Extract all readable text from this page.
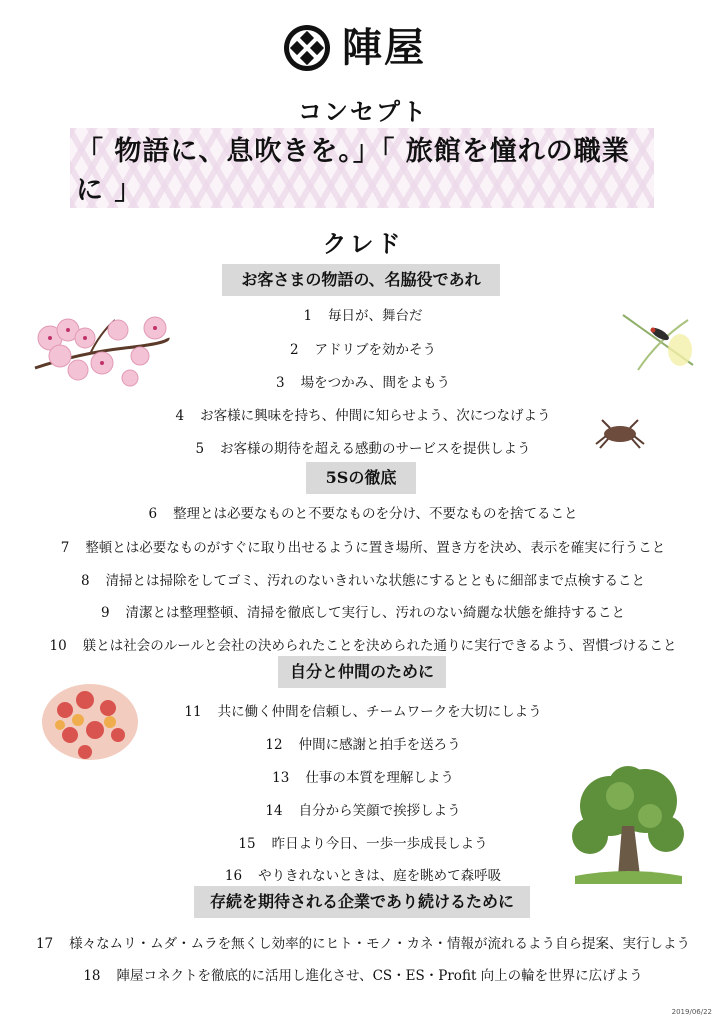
陣屋
コンセプト
「 物語に、息吹きを。」「 旅館を憧れの職業に 」
クレド
お客さまの物語の、名脇役であれ
1 毎日が、舞台だ
2 アドリブを効かそう
3 場をつかみ、間をよもう
4 お客様に興味を持ち、仲間に知らせよう、次につなげよう
5 お客様の期待を超える感動のサービスを提供しよう
5Sの徹底
6 整理とは必要なものと不要なものを分け、不要なものを捨てること
7 整頓とは必要なものがすぐに取り出せるように置き場所、置き方を決め、表示を確実に行うこと
8 清掃とは掃除をしてゴミ、汚れのないきれいな状態にするとともに細部まで点検すること
9 清潔とは整理整頓、清掃を徹底して実行し、汚れのない綺麗な状態を維持すること
10 躾とは社会のルールと会社の決められたことを決められた通りに実行できるよう、習慣づけること
自分と仲間のために
11 共に働く仲間を信頼し、チームワークを大切にしよう
12 仲間に感謝と拍手を送ろう
13 仕事の本質を理解しよう
14 自分から笑顔で挨拶しよう
15 昨日より今日、一歩一歩成長しよう
16 やりきれないときは、庭を眺めて森呼吸
存続を期待される企業であり続けるために
17 様々なムリ・ムダ・ムラを無くし効率的にヒト・モノ・カネ・情報が流れるよう自ら提案、実行しよう
18 陣屋コネクトを徹底的に活用し進化させ、CS・ES・Profit 向上の輪を世界に広げよう
2019/06/22
